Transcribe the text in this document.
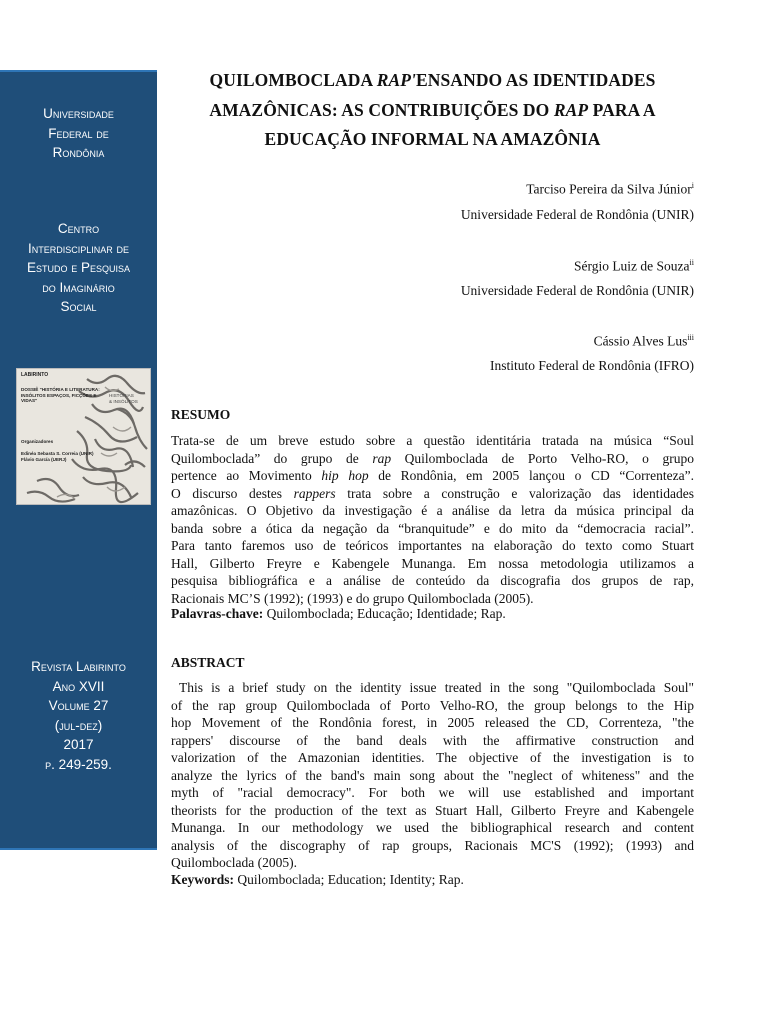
Universidade
Federal de
Rondônia
Centro
Interdisciplinar de
Estudo e Pesquisa
do Imaginário
Social
LABIRINTO
DOSSIÊ "HISTÓRIA E LITERATURA:
INSÓLITOS ESPAÇOS, FICÇÕES E
VIDAS"
Organizadores
Edinéa Sebasta S. Correia (UNIR)
Flávio García (UERJ)
HISTÓRIAS
& INSÓLITOS
Revista Labirinto
Ano XVII
Volume 27
(jul-dez)
2017
p. 249-259.
QUILOMBOCLADA RAP'ENSANDO AS IDENTIDADES
AMAZÔNICAS: AS CONTRIBUIÇÕES DO RAP PARA A
EDUCAÇÃO INFORMAL NA AMAZÔNIA
Tarciso Pereira da Silva Júnior$^i$
Universidade Federal de Rondônia (UNIR)
Sérgio Luiz de Souza$^{ii}$
Universidade Federal de Rondônia (UNIR)
Cássio Alves Lus$^{iii}$
Instituto Federal de Rondônia (IFRO)
RESUMO
Trata-se de um breve estudo sobre a questão identitária tratada na música “Soul
Quilomboclada” do grupo de rap Quilomboclada de Porto Velho-RO, o grupo
pertence ao Movimento hip hop de Rondônia, em 2005 lançou o CD “Correnteza”.
O discurso destes rappers trata sobre a construção e valorização das identidades
amazônicas. O Objetivo da investigação é a análise da letra da música principal da
banda sobre a ótica da negação da “branquitude” e do mito da “democracia racial”.
Para tanto faremos uso de teóricos importantes na elaboração do texto como Stuart
Hall, Gilberto Freyre e Kabengele Munanga. Em nossa metodologia utilizamos a
pesquisa bibliográfica e a análise de conteúdo da discografia dos grupos de rap,
Racionais MC’S (1992); (1993) e do grupo Quilomboclada (2005).
Palavras-chave: Quilomboclada; Educação; Identidade; Rap.
ABSTRACT
This is a brief study on the identity issue treated in the song "Quilomboclada Soul"
of the rap group Quilomboclada of Porto Velho-RO, the group belongs to the Hip
hop Movement of the Rondônia forest, in 2005 released the CD, Correnteza, "the
rappers' discourse of the band deals with the affirmative construction and
valorization of the Amazonian identities. The objective of the investigation is to
analyze the lyrics of the band's main song about the "neglect of whiteness" and the
myth of "racial democracy". For both we will use established and important
theorists for the production of the text as Stuart Hall, Gilberto Freyre and Kabengele
Munanga. In our methodology we used the bibliographical research and content
analysis of the discography of rap groups, Racionais MC'S (1992); (1993) and
Quilomboclada (2005).
Keywords: Quilomboclada; Education; Identity; Rap.
